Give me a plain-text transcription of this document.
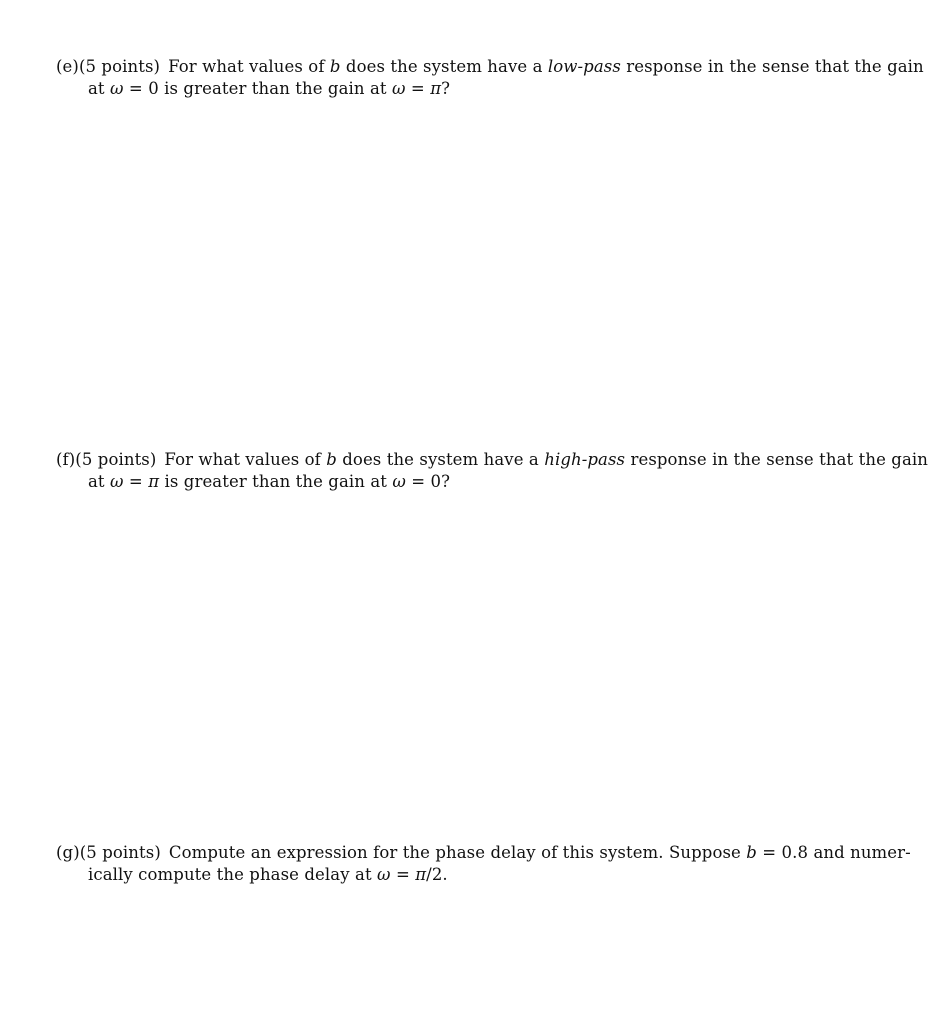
(e) (5 points) For what values of b does the system have a low-pass response in the sense that the gain
at ω = 0 is greater than the gain at ω = π?
(f) (5 points) For what values of b does the system have a high-pass response in the sense that the gain
at ω = π is greater than the gain at ω = 0?
(g) (5 points) Compute an expression for the phase delay of this system. Suppose b = 0.8 and numer-
ically compute the phase delay at ω = π/2.
